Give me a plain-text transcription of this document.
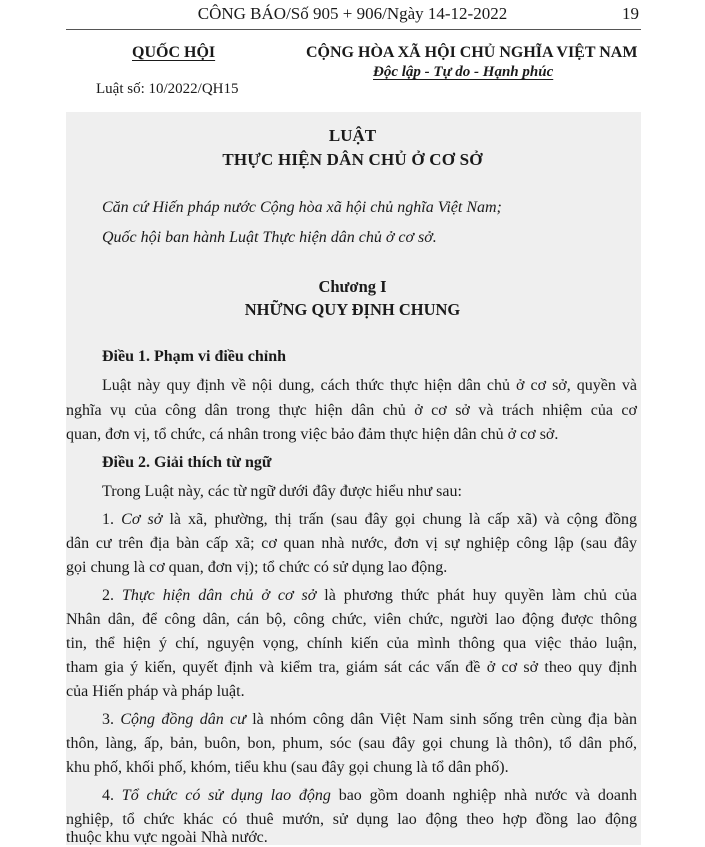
CÔNG BÁO/Số 905 + 906/Ngày 14-12-2022	19
QUỐC HỘI	CỘNG HÒA XÃ HỘI CHỦ NGHĨA VIỆT NAM
Độc lập - Tự do - Hạnh phúc
Luật số: 10/2022/QH15
LUẬT
THỰC HIỆN DÂN CHỦ Ở CƠ SỞ
Căn cứ Hiến pháp nước Cộng hòa xã hội chủ nghĩa Việt Nam;
Quốc hội ban hành Luật Thực hiện dân chủ ở cơ sở.
Chương I
NHỮNG QUY ĐỊNH CHUNG
Điều 1. Phạm vi điều chỉnh
Luật này quy định về nội dung, cách thức thực hiện dân chủ ở cơ sở, quyền và
nghĩa vụ của công dân trong thực hiện dân chủ ở cơ sở và trách nhiệm của cơ
quan, đơn vị, tổ chức, cá nhân trong việc bảo đảm thực hiện dân chủ ở cơ sở.
Điều 2. Giải thích từ ngữ
Trong Luật này, các từ ngữ dưới đây được hiểu như sau:
1. Cơ sở là xã, phường, thị trấn (sau đây gọi chung là cấp xã) và cộng đồng
dân cư trên địa bàn cấp xã; cơ quan nhà nước, đơn vị sự nghiệp công lập (sau đây
gọi chung là cơ quan, đơn vị); tổ chức có sử dụng lao động.
2. Thực hiện dân chủ ở cơ sở là phương thức phát huy quyền làm chủ của
Nhân dân, để công dân, cán bộ, công chức, viên chức, người lao động được thông
tin, thể hiện ý chí, nguyện vọng, chính kiến của mình thông qua việc thảo luận,
tham gia ý kiến, quyết định và kiểm tra, giám sát các vấn đề ở cơ sở theo quy định
của Hiến pháp và pháp luật.
3. Cộng đồng dân cư là nhóm công dân Việt Nam sinh sống trên cùng địa bàn
thôn, làng, ấp, bản, buôn, bon, phum, sóc (sau đây gọi chung là thôn), tổ dân phố,
khu phố, khối phố, khóm, tiểu khu (sau đây gọi chung là tổ dân phố).
4. Tổ chức có sử dụng lao động bao gồm doanh nghiệp nhà nước và doanh
nghiệp, tổ chức khác có thuê mướn, sử dụng lao động theo hợp đồng lao động
thuộc khu vực ngoài Nhà nước.
